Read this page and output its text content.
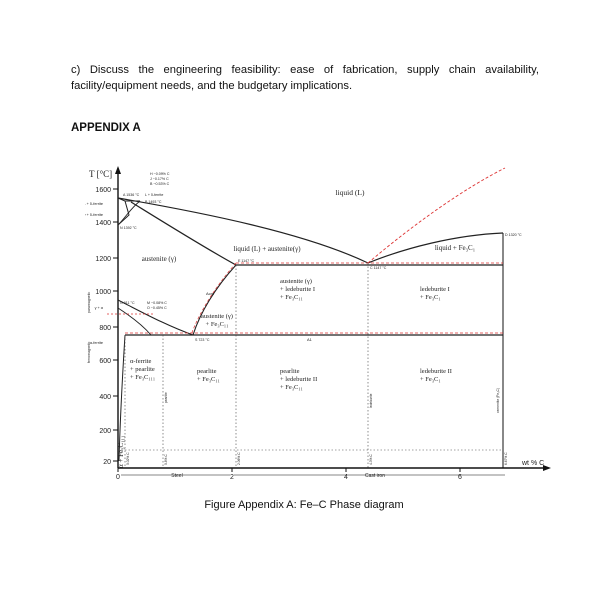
c) Discuss the engineering feasibility: ease of fabrication, supply chain availability, facility/equipment needs, and the budgetary implications.
APPENDIX A
T [°C]
wt % C
1600
1400
1200
1000
800
600
400
200
20
0	2	4	6
Steel	Cast iron
liquid (L)
liquid (L) + austenite(γ)	liquid + Fe₃C₁
austenite (γ)
austenite (γ)
+ Fe₃C₁₁
austenite (γ)
+ ledeburite I
+ Fe₃C₁₁
ledeburite I
+ Fe₃C₁
α-ferrite
+ pearlite
+ Fe₃C₁₁₁
pearlite
+ Fe₃C₁₁
pearlite
+ ledeburite II
+ Fe₃C₁₁
ledeburite II
+ Fe₃C₁
α + Fe₃C₁₁₁
A 1536 °C L + δ-ferrite
B 1493 °C
N 1392 °C
E 1147 °C
C 1147 °C
D 1320 °C
G 911 °C
S 723 °C
H ~0.09% C
J ~0.17% C
B ~0.53% C
M ~0.08% C
O ~0.45% C
L + δ-ferrite
γ + δ-ferrite
γ + α
α-ferrite
paramagnetic
ferromagnetic
A1
Acm
0.02% C	0.8% C	2.06% C	4.3% C	6.67% C
pearlite	ledeburite	cementite (Fe₃C)
Figure Appendix A: Fe–C Phase diagram
